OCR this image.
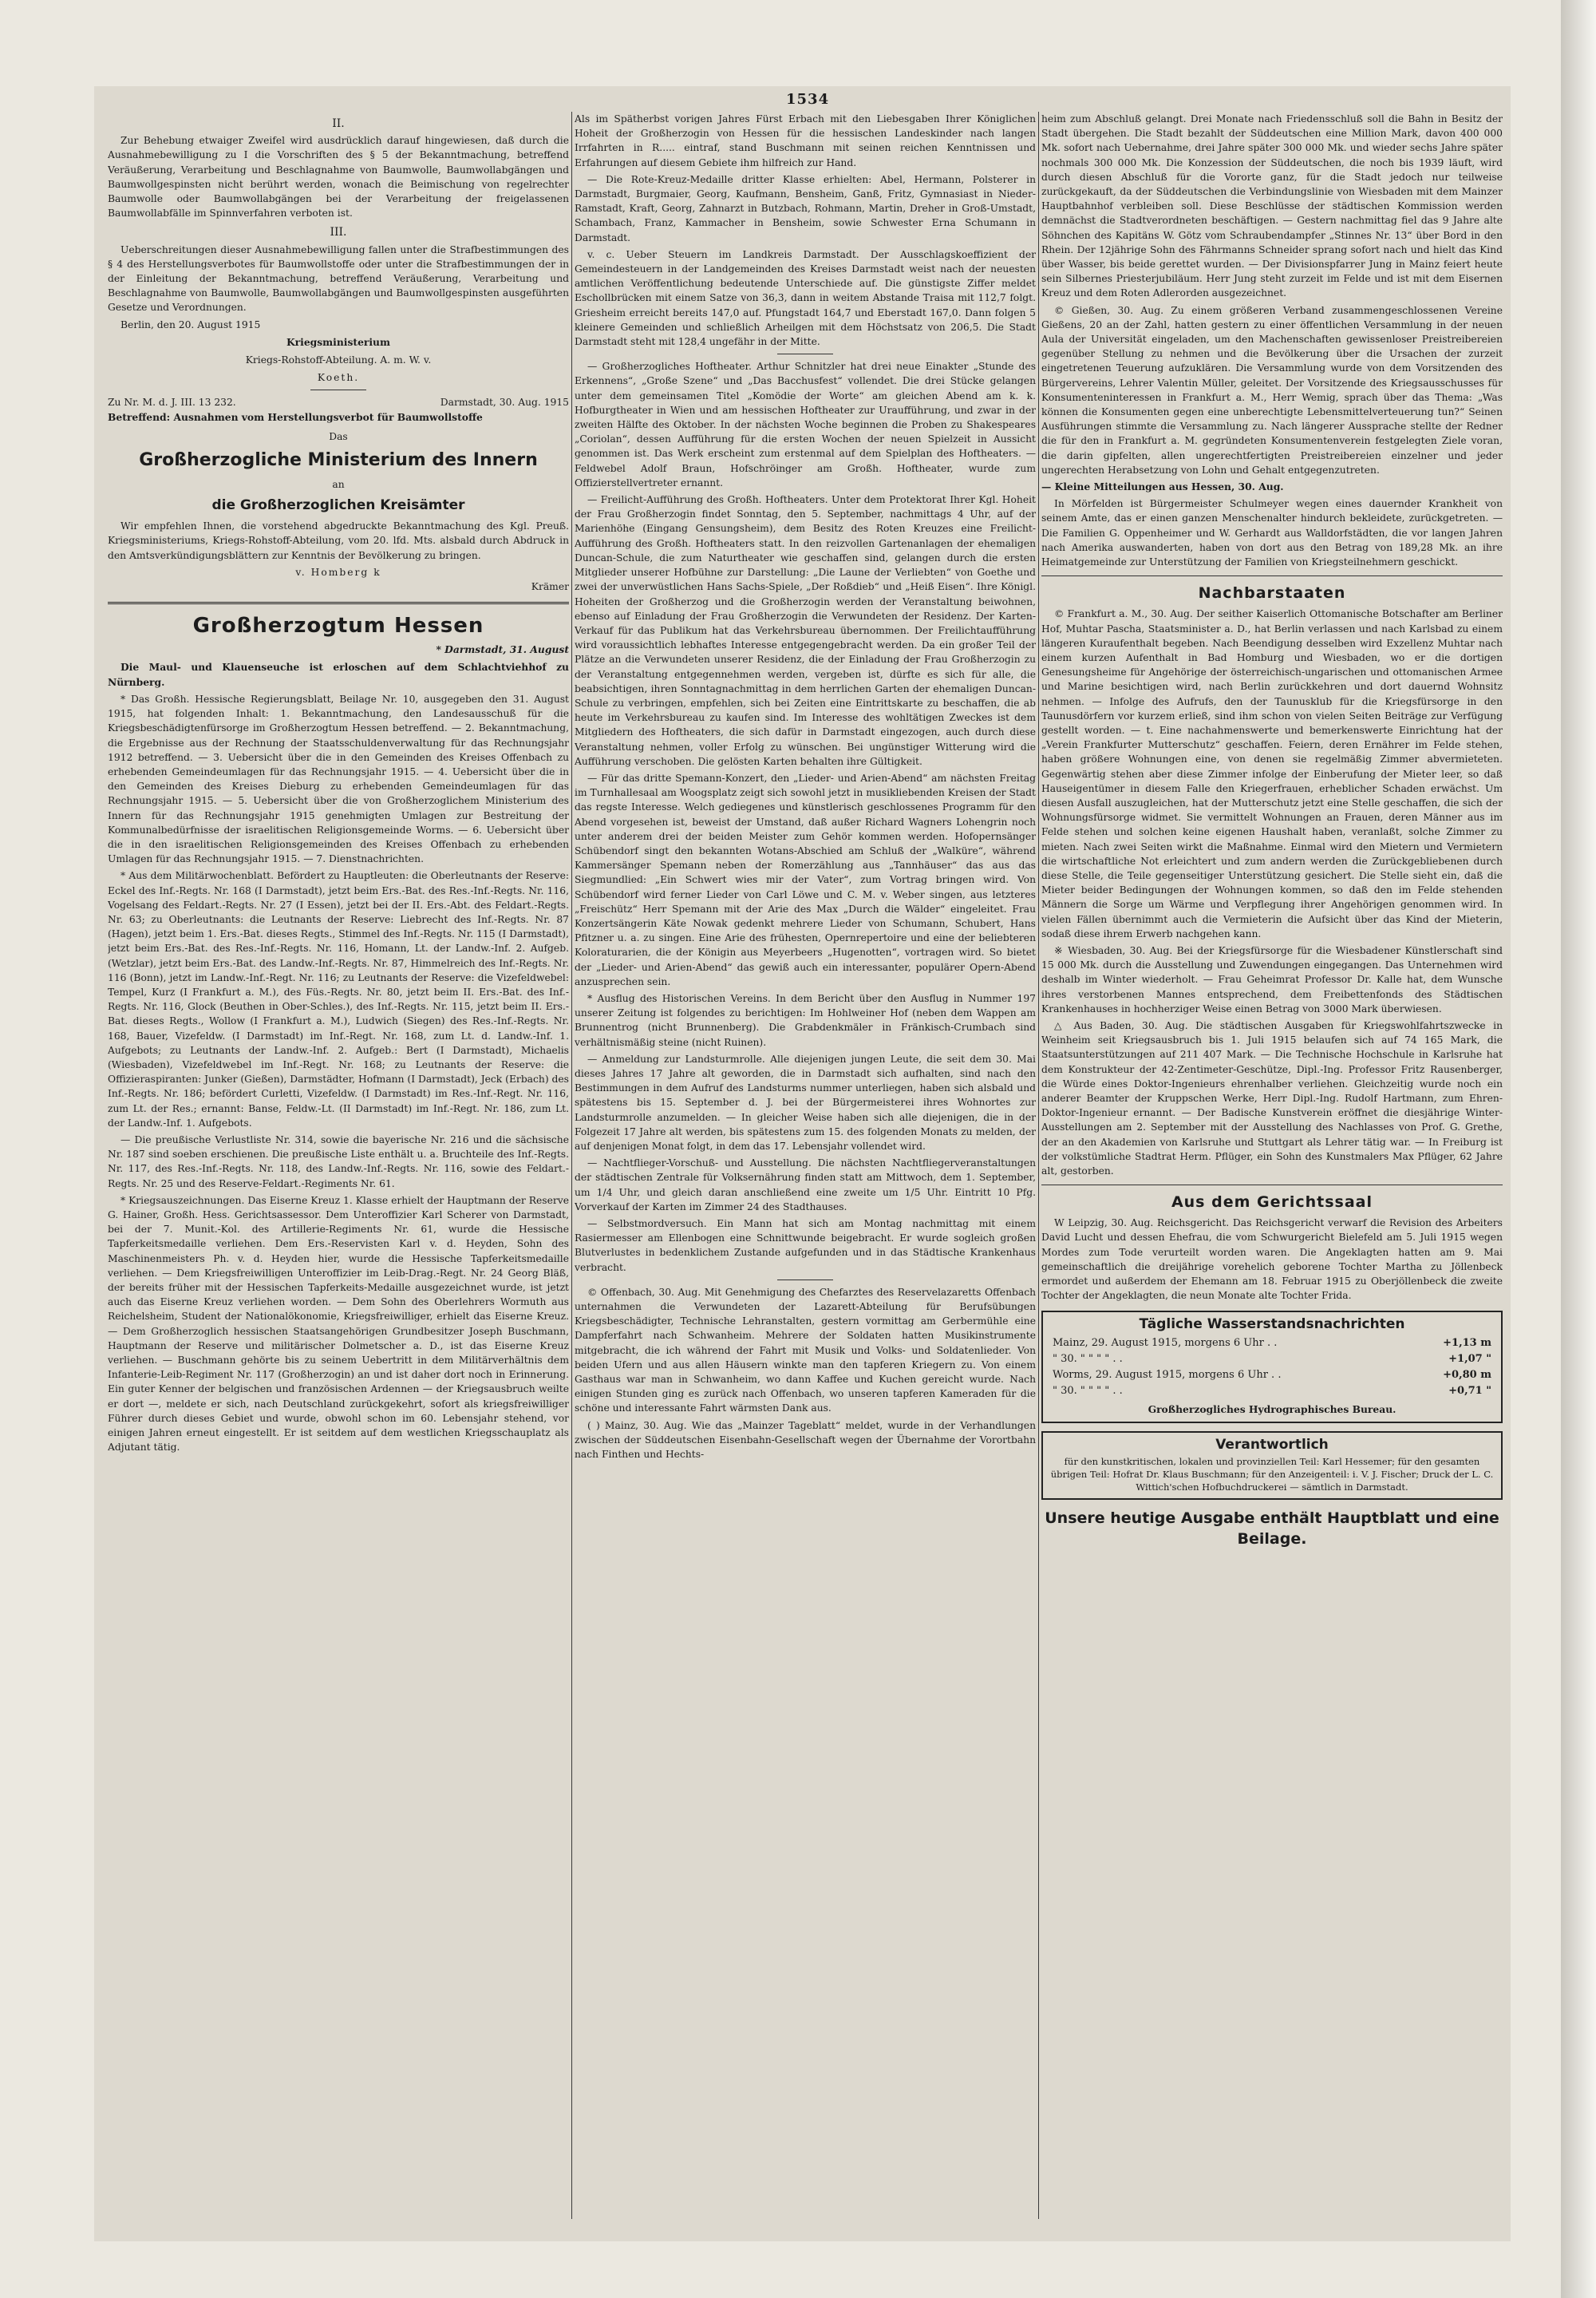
1534
II.

Zur Behebung etwaiger Zweifel wird ausdrücklich darauf hingewiesen, daß durch die Ausnahmebewilligung zu I die Vorschriften des § 5 der Bekanntmachung, betreffend Veräußerung, Verarbeitung und Beschlagnahme von Baumwolle, Baumwollabgängen und Baumwollgespinsten nicht berührt werden, wonach die Beimischung von regelrechter Baumwolle oder Baumwollabgängen bei der Verarbeitung der freigelassenen Baumwollabfälle im Spinnverfahren verboten ist.

III.

Ueberschreitungen dieser Ausnahmebewilligung fallen unter die Strafbestimmungen des § 4 des Herstellungsverbotes für Baumwollstoffe oder unter die Strafbestimmungen der in der Einleitung der Bekanntmachung, betreffend Veräußerung, Verarbeitung und Beschlagnahme von Baumwolle, Baumwollabgängen und Baumwollgespinsten ausgeführten Gesetze und Verordnungen.

Berlin, den 20. August 1915

Kriegsministerium
Kriegs-Rohstoff-Abteilung. A. m. W. v.
Koeth.
Zu Nr. M. d. J. III. 13 232.	Darmstadt, 30. Aug. 1915

Betreffend: Ausnahmen vom Herstellungsverbot für Baumwollstoffe

Das
Großherzogliche Ministerium des Innern
an
die Großherzoglichen Kreisämter

Wir empfehlen Ihnen, die vorstehend abgedruckte Bekanntmachung des Kgl. Preuß. Kriegsministeriums, Kriegs-Rohstoff-Abteilung, vom 20. lfd. Mts. alsbald durch Abdruck in den Amtsverkündigungsblättern zur Kenntnis der Bevölkerung zu bringen.

v. Homberg k
Krämer
Großherzogtum Hessen
* Darmstadt, 31. August

Die Maul- und Klauenseuche ist erloschen auf dem Schlachtviehhof zu Nürnberg.

* Das Großh. Hessische Regierungsblatt, Beilage Nr. 10, ausgegeben den 31. August 1915, hat folgenden Inhalt: 1. Bekanntmachung, den Landesausschuß für die Kriegsbeschädigtenfürsorge im Großherzogtum Hessen betreffend. — 2. Bekanntmachung, die Ergebnisse aus der Rechnung der Staatsschuldenverwaltung für das Rechnungsjahr 1912 betreffend. — 3. Uebersicht über die in den Gemeinden des Kreises Offenbach zu erhebenden Gemeindeumlagen für das Rechnungsjahr 1915. — 4. Uebersicht über die in den Gemeinden des Kreises Dieburg zu erhebenden Gemeindeumlagen für das Rechnungsjahr 1915. — 5. Uebersicht über die von Großherzoglichem Ministerium des Innern für das Rechnungsjahr 1915 genehmigten Umlagen zur Bestreitung der Kommunalbedürfnisse der israelitischen Religionsgemeinde Worms. — 6. Uebersicht über die in den israelitischen Religionsgemeinden des Kreises Offenbach zu erhebenden Umlagen für das Rechnungsjahr 1915. — 7. Dienstnachrichten.

* Aus dem Militärwochenblatt. Befördert zu Hauptleuten: die Oberleutnants der Reserve: Eckel des Inf.-Regts. Nr. 168 (I Darmstadt), jetzt beim Ers.-Bat. des Res.-Inf.-Regts. Nr. 116, Vogelsang des Feldart.-Regts. Nr. 27 (I Essen), jetzt bei der II. Ers.-Abt. des Feldart.-Regts. Nr. 63; zu Oberleutnants: die Leutnants der Reserve: Liebrecht des Inf.-Regts. Nr. 87 (Hagen), jetzt beim 1. Ers.-Bat. dieses Regts., Stimmel des Inf.-Regts. Nr. 115 (I Darmstadt), jetzt beim Ers.-Bat. des Res.-Inf.-Regts. Nr. 116, Homann, Lt. der Landw.-Inf. 2. Aufgeb. (Wetzlar), jetzt beim Ers.-Bat. des Landw.-Inf.-Regts. Nr. 87, Himmelreich des Inf.-Regts. Nr. 116 (Bonn), jetzt im Landw.-Inf.-Regt. Nr. 116; zu Leutnants der Reserve: die Vizefeldwebel: Tempel, Kurz (I Frankfurt a. M.), des Füs.-Regts. Nr. 80, jetzt beim II. Ers.-Bat. des Inf.-Regts. Nr. 116, Glock (Beuthen in Ober-Schles.), des Inf.-Regts. Nr. 115, jetzt beim II. Ers.-Bat. dieses Regts., Wollow (I Frankfurt a. M.), Ludwich (Siegen) des Res.-Inf.-Regts. Nr. 168, Bauer, Vizefeldw. (I Darmstadt) im Inf.-Regt. Nr. 168, zum Lt. d. Landw.-Inf. 1. Aufgebots; zu Leutnants der Landw.-Inf. 2. Aufgeb.: Bert (I Darmstadt), Michaelis (Wiesbaden), Vizefeldwebel im Inf.-Regt. Nr. 168; zu Leutnants der Reserve: die Offizieraspiranten: Junker (Gießen), Darmstädter, Hofmann (I Darmstadt), Jeck (Erbach) des Inf.-Regts. Nr. 186; befördert Curletti, Vizefeldw. (I Darmstadt) im Res.-Inf.-Regt. Nr. 116, zum Lt. der Res.; ernannt: Banse, Feldw.-Lt. (II Darmstadt) im Inf.-Regt. Nr. 186, zum Lt. der Landw.-Inf. 1. Aufgebots.

— Die preußische Verlustliste Nr. 314, sowie die bayerische Nr. 216 und die sächsische Nr. 187 sind soeben erschienen. Die preußische Liste enthält u. a. Bruchteile des Inf.-Regts. Nr. 117, des Res.-Inf.-Regts. Nr. 118, des Landw.-Inf.-Regts. Nr. 116, sowie des Feldart.-Regts. Nr. 25 und des Reserve-Feldart.-Regiments Nr. 61.

* Kriegsauszeichnungen. Das Eiserne Kreuz 1. Klasse erhielt der Hauptmann der Reserve G. Hainer, Großh. Hess. Gerichtsassessor. Dem Unteroffizier Karl Scherer von Darmstadt, bei der 7. Munit.-Kol. des Artillerie-Regiments Nr. 61, wurde die Hessische Tapferkeitsmedaille verliehen. Dem Ers.-Reservisten Karl v. d. Heyden, Sohn des Maschinenmeisters Ph. v. d. Heyden hier, wurde die Hessische Tapferkeitsmedaille verliehen. — Dem Kriegsfreiwilligen Unteroffizier im Leib-Drag.-Regt. Nr. 24 Georg Bläß, der bereits früher mit der Hessischen Tapferkeits-Medaille ausgezeichnet wurde, ist jetzt auch das Eiserne Kreuz verliehen worden. — Dem Sohn des Oberlehrers Wormuth aus Reichelsheim, Student der Nationalökonomie, Kriegsfreiwilliger, erhielt das Eiserne Kreuz. — Dem Großherzoglich hessischen Staatsangehörigen Grundbesitzer Joseph Buschmann, Hauptmann der Reserve und militärischer Dolmetscher a. D., ist das Eiserne Kreuz verliehen. — Buschmann gehörte bis zu seinem Uebertritt in dem Militärverhältnis dem Infanterie-Leib-Regiment Nr. 117 (Großherzogin) an und ist daher dort noch in Erinnerung. Ein guter Kenner der belgischen und französischen Ardennen — der Kriegsausbruch weilte er dort —, meldete er sich, nach Deutschland zurückgekehrt, sofort als kriegsfreiwilliger Führer durch dieses Gebiet und wurde, obwohl schon im 60. Lebensjahr stehend, vor einigen Jahren erneut eingestellt. Er ist seitdem auf dem westlichen Kriegsschauplatz als Adjutant tätig.

Als im Spätherbst vorigen Jahres Fürst Erbach mit den Liebesgaben Ihrer Königlichen Hoheit der Großherzogin von Hessen für die hessischen Landeskinder nach langen Irrfahrten in R..... eintraf, stand Buschmann mit seinen reichen Kenntnissen und Erfahrungen auf diesem Gebiete ihm hilfreich zur Hand.

— Die Rote-Kreuz-Medaille dritter Klasse erhielten: Abel, Hermann, Polsterer in Darmstadt, Burgmaier, Georg, Kaufmann, Bensheim, Ganß, Fritz, Gymnasiast in Nieder-Ramstadt, Kraft, Georg, Zahnarzt in Butzbach, Rohmann, Martin, Dreher in Groß-Umstadt, Schambach, Franz, Kammacher in Bensheim, sowie Schwester Erna Schumann in Darmstadt.

v. c. Ueber Steuern im Landkreis Darmstadt. Der Ausschlagskoeffizient der Gemeindesteuern in der Landgemeinden des Kreises Darmstadt weist nach der neuesten amtlichen Veröffentlichung bedeutende Unterschiede auf. Die günstigste Ziffer meldet Eschollbrücken mit einem Satze von 36,3, dann in weitem Abstande Traisa mit 112,7 folgt. Griesheim erreicht bereits 147,0 auf. Pfungstadt 164,7 und Eberstadt 167,0. Dann folgen 5 kleinere Gemeinden und schließlich Arheilgen mit dem Höchstsatz von 206,5. Die Stadt Darmstadt steht mit 128,4 ungefähr in der Mitte.

— Großherzogliches Hoftheater. Arthur Schnitzler hat drei neue Einakter „Stunde des Erkennens“, „Große Szene“ und „Das Bacchusfest“ vollendet. Die drei Stücke gelangen unter dem gemeinsamen Titel „Komödie der Worte“ am gleichen Abend am k. k. Hofburgtheater in Wien und am hessischen Hoftheater zur Uraufführung, und zwar in der zweiten Hälfte des Oktober. In der nächsten Woche beginnen die Proben zu Shakespeares „Coriolan“, dessen Aufführung für die ersten Wochen der neuen Spielzeit in Aussicht genommen ist. Das Werk erscheint zum erstenmal auf dem Spielplan des Hoftheaters. — Feldwebel Adolf Braun, Hofschröinger am Großh. Hoftheater, wurde zum Offizierstellvertreter ernannt.

— Freilicht-Aufführung des Großh. Hoftheaters. Unter dem Protektorat Ihrer Kgl. Hoheit der Frau Großherzogin findet Sonntag, den 5. September, nachmittags 4 Uhr, auf der Marienhöhe (Eingang Gensungsheim), dem Besitz des Roten Kreuzes eine Freilicht-Aufführung des Großh. Hoftheaters statt. In den reizvollen Gartenanlagen der ehemaligen Duncan-Schule, die zum Naturtheater wie geschaffen sind, gelangen durch die ersten Mitglieder unserer Hofbühne zur Darstellung: „Die Laune der Verliebten“ von Goethe und zwei der unverwüstlichen Hans Sachs-Spiele, „Der Roßdieb“ und „Heiß Eisen“. Ihre Königl. Hoheiten der Großherzog und die Großherzogin werden der Veranstaltung beiwohnen, ebenso auf Einladung der Frau Großherzogin die Verwundeten der Residenz. Der Karten-Verkauf für das Publikum hat das Verkehrsbureau übernommen. Der Freilichtaufführung wird voraussichtlich lebhaftes Interesse entgegengebracht werden. Da ein großer Teil der Plätze an die Verwundeten unserer Residenz, die der Einladung der Frau Großherzogin zu der Veranstaltung entgegennehmen werden, vergeben ist, dürfte es sich für alle, die beabsichtigen, ihren Sonntagnachmittag in dem herrlichen Garten der ehemaligen Duncan-Schule zu verbringen, empfehlen, sich bei Zeiten eine Eintrittskarte zu beschaffen, die ab heute im Verkehrsbureau zu kaufen sind. Im Interesse des wohltätigen Zweckes ist dem Mitgliedern des Hoftheaters, die sich dafür in Darmstadt eingezogen, auch durch diese Veranstaltung nehmen, voller Erfolg zu wünschen. Bei ungünstiger Witterung wird die Aufführung verschoben. Die gelösten Karten behalten ihre Gültigkeit.

— Für das dritte Spemann-Konzert, den „Lieder- und Arien-Abend“ am nächsten Freitag im Turnhallesaal am Woogsplatz zeigt sich sowohl jetzt in musikliebenden Kreisen der Stadt das regste Interesse. Welch gediegenes und künstlerisch geschlossenes Programm für den Abend vorgesehen ist, beweist der Umstand, daß außer Richard Wagners Lohengrin noch unter anderem drei der beiden Meister zum Gehör kommen werden. Hofopernsänger Schübendorf singt den bekannten Wotans-Abschied am Schluß der „Walküre“, während Kammersänger Spemann neben der Romerzählung aus „Tannhäuser“ das aus das Siegmundlied: „Ein Schwert wies mir der Vater“, zum Vortrag bringen wird. Von Schübendorf wird ferner Lieder von Carl Löwe und C. M. v. Weber singen, aus letzteres „Freischütz“ Herr Spemann mit der Arie des Max „Durch die Wälder“ eingeleitet. Frau Konzertsängerin Käte Nowak gedenkt mehrere Lieder von Schumann, Schubert, Hans Pfitzner u. a. zu singen. Eine Arie des frühesten, Opernrepertoire und eine der beliebteren Koloraturarien, die der Königin aus Meyerbeers „Hugenotten“, vortragen wird. So bietet der „Lieder- und Arien-Abend“ das gewiß auch ein interessanter, populärer Opern-Abend anzusprechen sein.

* Ausflug des Historischen Vereins. In dem Bericht über den Ausflug in Nummer 197 unserer Zeitung ist folgendes zu berichtigen: Im Hohlweiner Hof (neben dem Wappen am Brunnentrog (nicht Brunnenberg). Die Grabdenkmäler in Fränkisch-Crumbach sind verhältnismäßig steine (nicht Ruinen).

— Anmeldung zur Landsturmrolle. Alle diejenigen jungen Leute, die seit dem 30. Mai dieses Jahres 17 Jahre alt geworden, die in Darmstadt sich aufhalten, sind nach den Bestimmungen in dem Aufruf des Landsturms nummer unterliegen, haben sich alsbald und spätestens bis 15. September d. J. bei der Bürgermeisterei ihres Wohnortes zur Landsturmrolle anzumelden. — In gleicher Weise haben sich alle diejenigen, die in der Folgezeit 17 Jahre alt werden, bis spätestens zum 15. des folgenden Monats zu melden, der auf denjenigen Monat folgt, in dem das 17. Lebensjahr vollendet wird.

— Nachtflieger-Vorschuß- und Ausstellung. Die nächsten Nachtfliegerveranstaltungen der städtischen Zentrale für Volksernährung finden statt am Mittwoch, dem 1. September, um 1/4 Uhr, und gleich daran anschließend eine zweite um 1/5 Uhr. Eintritt 10 Pfg. Vorverkauf der Karten im Zimmer 24 des Stadthauses.

— Selbstmordversuch. Ein Mann hat sich am Montag nachmittag mit einem Rasiermesser am Ellenbogen eine Schnittwunde beigebracht. Er wurde sogleich großen Blutverlustes in bedenklichem Zustande aufgefunden und in das Städtische Krankenhaus verbracht.

© Offenbach, 30. Aug. Mit Genehmigung des Chefarztes des Reservelazaretts Offenbach unternahmen die Verwundeten der Lazarett-Abteilung für Berufsübungen Kriegsbeschädigter, Technische Lehranstalten, gestern vormittag am Gerbermühle eine Dampferfahrt nach Schwanheim. Mehrere der Soldaten hatten Musikinstrumente mitgebracht, die ich während der Fahrt mit Musik und Volks- und Soldatenlieder. Von beiden Ufern und aus allen Häusern winkte man den tapferen Kriegern zu. Von einem Gasthaus war man in Schwanheim, wo dann Kaffee und Kuchen gereicht wurde. Nach einigen Stunden ging es zurück nach Offenbach, wo unseren tapferen Kameraden für die schöne und interessante Fahrt wärmsten Dank aus.

( ) Mainz, 30. Aug. Wie das „Mainzer Tageblatt“ meldet, wurde in der Verhandlungen zwischen der Süddeutschen Eisenbahn-Gesellschaft wegen der Übernahme der Vorortbahn nach Finthen und Hechts-

heim zum Abschluß gelangt. Drei Monate nach Friedensschluß soll die Bahn in Besitz der Stadt übergehen. Die Stadt bezahlt der Süddeutschen eine Million Mark, davon 400 000 Mk. sofort nach Uebernahme, drei Jahre später 300 000 Mk. und wieder sechs Jahre später nochmals 300 000 Mk. Die Konzession der Süddeutschen, die noch bis 1939 läuft, wird durch diesen Abschluß für die Vororte ganz, für die Stadt jedoch nur teilweise zurückgekauft, da der Süddeutschen die Verbindungslinie von Wiesbaden mit dem Mainzer Hauptbahnhof verbleiben soll. Diese Beschlüsse der städtischen Kommission werden demnächst die Stadtverordneten beschäftigen. — Gestern nachmittag fiel das 9 Jahre alte Söhnchen des Kapitäns W. Götz vom Schraubendampfer „Stinnes Nr. 13“ über Bord in den Rhein. Der 12jährige Sohn des Fährmanns Schneider sprang sofort nach und hielt das Kind über Wasser, bis beide gerettet wurden. — Der Divisionspfarrer Jung in Mainz feiert heute sein Silbernes Priesterjubiläum. Herr Jung steht zurzeit im Felde und ist mit dem Eisernen Kreuz und dem Roten Adlerorden ausgezeichnet.

© Gießen, 30. Aug. Zu einem größeren Verband zusammengeschlossenen Vereine Gießens, 20 an der Zahl, hatten gestern zu einer öffentlichen Versammlung in der neuen Aula der Universität eingeladen, um den Machenschaften gewissenloser Preistreibereien gegenüber Stellung zu nehmen und die Bevölkerung über die Ursachen der zurzeit eingetretenen Teuerung aufzuklären. Die Versammlung wurde von dem Vorsitzenden des Bürgervereins, Lehrer Valentin Müller, geleitet. Der Vorsitzende des Kriegsausschusses für Konsumenteninteressen in Frankfurt a. M., Herr Wemig, sprach über das Thema: „Was können die Konsumenten gegen eine unberechtigte Lebensmittelverteuerung tun?“ Seinen Ausführungen stimmte die Versammlung zu. Nach längerer Aussprache stellte der Redner die für den in Frankfurt a. M. gegründeten Konsumentenverein festgelegten Ziele voran, die darin gipfelten, allen ungerechtfertigten Preistreibereien einzelner und jeder ungerechten Herabsetzung von Lohn und Gehalt entgegenzutreten.

— Kleine Mitteilungen aus Hessen, 30. Aug.

In Mörfelden ist Bürgermeister Schulmeyer wegen eines dauernder Krankheit von seinem Amte, das er einen ganzen Menschenalter hindurch bekleidete, zurückgetreten. — Die Familien G. Oppenheimer und W. Gerhardt aus Walldorfstädten, die vor langen Jahren nach Amerika auswanderten, haben von dort aus den Betrag von 189,28 Mk. an ihre Heimatgemeinde zur Unterstützung der Familien von Kriegsteilnehmern geschickt.

Nachbarstaaten

© Frankfurt a. M., 30. Aug. Der seither Kaiserlich Ottomanische Botschafter am Berliner Hof, Muhtar Pascha, Staatsminister a. D., hat Berlin verlassen und nach Karlsbad zu einem längeren Kuraufenthalt begeben. Nach Beendigung desselben wird Exzellenz Muhtar nach einem kurzen Aufenthalt in Bad Homburg und Wiesbaden, wo er die dortigen Genesungsheime für Angehörige der österreichisch-ungarischen und ottomanischen Armee und Marine besichtigen wird, nach Berlin zurückkehren und dort dauernd Wohnsitz nehmen. — Infolge des Aufrufs, den der Taunusklub für die Kriegsfürsorge in den Taunusdörfern vor kurzem erließ, sind ihm schon von vielen Seiten Beiträge zur Verfügung gestellt worden. — t. Eine nachahmenswerte und bemerkenswerte Einrichtung hat der „Verein Frankfurter Mutterschutz“ geschaffen. Feiern, deren Ernährer im Felde stehen, haben größere Wohnungen eine, von denen sie regelmäßig Zimmer abvermieteten. Gegenwärtig stehen aber diese Zimmer infolge der Einberufung der Mieter leer, so daß Hauseigentümer in diesem Falle den Kriegerfrauen, erheblicher Schaden erwächst. Um diesen Ausfall auszugleichen, hat der Mutterschutz jetzt eine Stelle geschaffen, die sich der Wohnungsfürsorge widmet. Sie vermittelt Wohnungen an Frauen, deren Männer aus im Felde stehen und solchen keine eigenen Haushalt haben, veranlaßt, solche Zimmer zu mieten. Nach zwei Seiten wirkt die Maßnahme. Einmal wird den Mietern und Vermietern die wirtschaftliche Not erleichtert und zum andern werden die Zurückgebliebenen durch diese Stelle, die Teile gegenseitiger Unterstützung gesichert. Die Stelle sieht ein, daß die Mieter beider Bedingungen der Wohnungen kommen, so daß den im Felde stehenden Männern die Sorge um Wärme und Verpflegung ihrer Angehörigen genommen wird. In vielen Fällen übernimmt auch die Vermieterin die Aufsicht über das Kind der Mieterin, sodaß diese ihrem Erwerb nachgehen kann.

※ Wiesbaden, 30. Aug. Bei der Kriegsfürsorge für die Wiesbadener Künstlerschaft sind 15 000 Mk. durch die Ausstellung und Zuwendungen eingegangen. Das Unternehmen wird deshalb im Winter wiederholt. — Frau Geheimrat Professor Dr. Kalle hat, dem Wunsche ihres verstorbenen Mannes entsprechend, dem Freibettenfonds des Städtischen Krankenhauses in hochherziger Weise einen Betrag von 3000 Mark überwiesen.

△ Aus Baden, 30. Aug. Die städtischen Ausgaben für Kriegswohlfahrtszwecke in Weinheim seit Kriegsausbruch bis 1. Juli 1915 belaufen sich auf 74 165 Mark, die Staatsunterstützungen auf 211 407 Mark. — Die Technische Hochschule in Karlsruhe hat dem Konstrukteur der 42-Zentimeter-Geschütze, Dipl.-Ing. Professor Fritz Rausenberger, die Würde eines Doktor-Ingenieurs ehrenhalber verliehen. Gleichzeitig wurde noch ein anderer Beamter der Kruppschen Werke, Herr Dipl.-Ing. Rudolf Hartmann, zum Ehren-Doktor-Ingenieur ernannt. — Der Badische Kunstverein eröffnet die diesjährige Winter-Ausstellungen am 2. September mit der Ausstellung des Nachlasses von Prof. G. Grethe, der an den Akademien von Karlsruhe und Stuttgart als Lehrer tätig war. — In Freiburg ist der volkstümliche Stadtrat Herm. Pflüger, ein Sohn des Kunstmalers Max Pflüger, 62 Jahre alt, gestorben.

Aus dem Gerichtssaal

W Leipzig, 30. Aug. Reichsgericht. Das Reichsgericht verwarf die Revision des Arbeiters David Lucht und dessen Ehefrau, die vom Schwurgericht Bielefeld am 5. Juli 1915 wegen Mordes zum Tode verurteilt worden waren. Die Angeklagten hatten am 9. Mai gemeinschaftlich die dreijährige vorehelich geborene Tochter Martha zu Jöllenbeck ermordet und außerdem der Ehemann am 18. Februar 1915 zu Oberjöllenbeck die zweite Tochter der Angeklagten, die neun Monate alte Tochter Frida.

Tägliche Wasserstandsnachrichten
Mainz, 29. August 1915, morgens 6 Uhr . .	+1,13 m
" 30. " " " " . .	+1,07 "
Worms, 29. August 1915, morgens 6 Uhr . .	+0,80 m
" 30. " " " " . .	+0,71 "
Großherzogliches Hydrographisches Bureau.
Verantwortlich
für den kunstkritischen, lokalen und provinziellen Teil: Karl Hessemer; für den gesamten übrigen Teil: Hofrat Dr. Klaus Buschmann; für den Anzeigenteil: i. V. J. Fischer; Druck der L. C. Wittich'schen Hofbuchdruckerei — sämtlich in Darmstadt.
Unsere heutige Ausgabe enthält Hauptblatt und eine Beilage.
